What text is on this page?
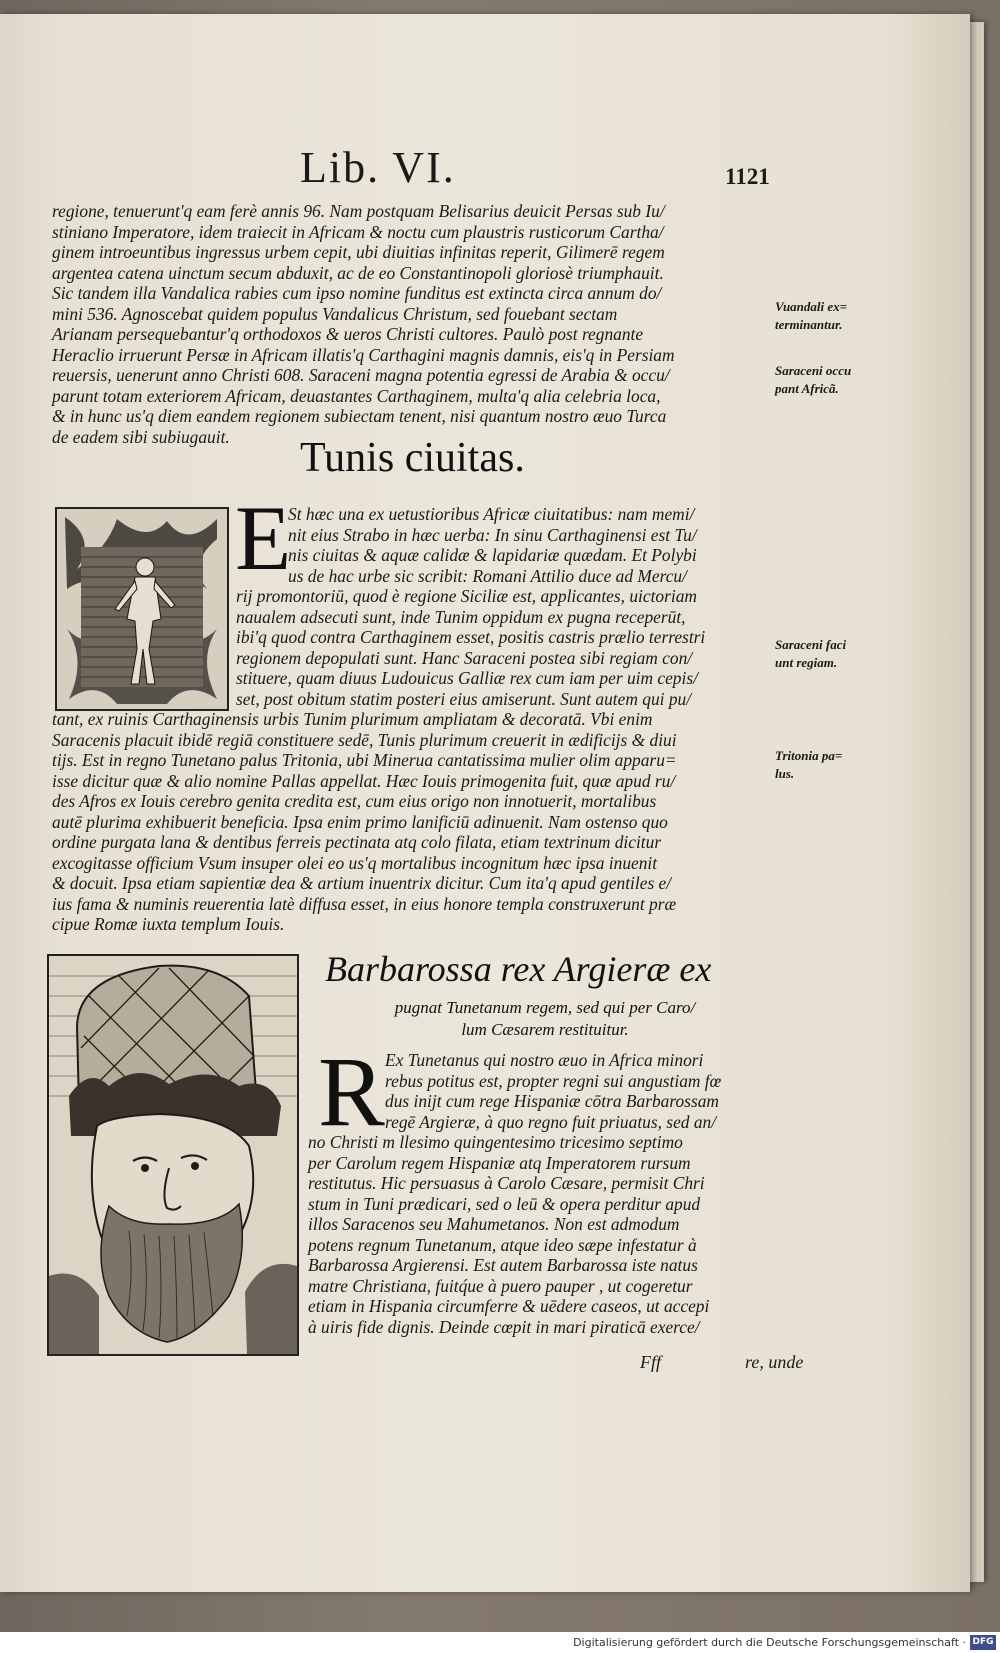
Lib. VI.	1121

regione, tenuerunt'q eam ferè annis 96. Nam postquam Belisarius deuicit Persas sub Iu/

stiniano Imperatore, idem traiecit in Africam & noctu cum plaustris rusticorum Cartha/

ginem introeuntibus ingressus urbem cepit, ubi diuitias infinitas reperit, Gilimerē regem

argentea catena uinctum secum abduxit, ac de eo Constantinopoli gloriosè triumphauit.

Sic tandem illa Vandalica rabies cum ipso nomine funditus est extincta circa annum do/

mini 536. Agnoscebat quidem populus Vandalicus Christum, sed fouebant sectam

Arianam persequebantur'q orthodoxos & ueros Christi cultores. Paulò post regnante

Heraclio irruerunt Persæ in Africam illatis'q Carthagini magnis damnis, eis'q in Persiam

reuersis, uenerunt anno Christi 608. Saraceni magna potentia egressi de Arabia & occu/

parunt totam exteriorem Africam, deuastantes Carthaginem, multa'q alia celebria loca,

& in hunc us'q diem eandem regionem subiectam tenent, nisi quantum nostro æuo Turca

de eadem sibi subiugauit.

Vuandali ex=
terminantur.
Saraceni occu
pant Africã.
Saraceni faci
unt regiam.
Tritonia pa=
lus.
Tunis ciuitas.
E

St hæc una ex uetustioribus Africæ ciuitatibus: nam memi/

nit eius Strabo in hæc uerba: In sinu Carthaginensi est Tu/

nis ciuitas & aquæ calidæ & lapidariæ quædam. Et Polybi

us de hac urbe sic scribit: Romani Attilio duce ad Mercu/

rij promontoriū, quod è regione Siciliæ est, applicantes, uictoriam

naualem adsecuti sunt, inde Tunim oppidum ex pugna receperūt,

ibi'q quod contra Carthaginem esset, positis castris prælio terrestri

regionem depopulati sunt. Hanc Saraceni postea sibi regiam con/

stituere, quam diuus Ludouicus Galliæ rex cum iam per uim cepis/

set, post obitum statim posteri eius amiserunt. Sunt autem qui pu/

tant, ex ruinis Carthaginensis urbis Tunim plurimum ampliatam & decoratā. Vbi enim

Saracenis placuit ibidē regiā constituere sedē, Tunis plurimum creuerit in ædificijs & diui

tijs. Est in regno Tunetano palus Tritonia, ubi Minerua cantatissima mulier olim apparu=

isse dicitur quæ & alio nomine Pallas appellat. Hæc Iouis primogenita fuit, quæ apud ru/

des Afros ex Iouis cerebro genita credita est, cum eius origo non innotuerit, mortalibus

autē plurima exhibuerit beneficia. Ipsa enim primo lanificiū adinuenit. Nam ostenso quo

ordine purgata lana & dentibus ferreis pectinata atq colo filata, etiam textrinum dicitur

excogitasse officium Vsum insuper olei eo us'q mortalibus incognitum hæc ipsa inuenit

& docuit. Ipsa etiam sapientiæ dea & artium inuentrix dicitur. Cum ita'q apud gentiles e/

ius fama & numinis reuerentia latè diffusa esset, in eius honore templa construxerunt præ

cipue Romæ iuxta templum Iouis.

Barbarossa rex Argieræ ex
pugnat Tunetanum regem, sed qui per Caro/
lum Cæsarem restituitur.
R Ex Tunetanus qui nostro æuo in Africa minori

rebus potitus est, propter regni sui angustiam fœ

dus inijt cum rege Hispaniæ cōtra Barbarossam

regē Argieræ, à quo regno fuit priuatus, sed an/

no Christi m llesimo quingentesimo tricesimo septimo

per Carolum regem Hispaniæ atq Imperatorem rursum

restitutus. Hic persuasus à Carolo Cæsare, permisit Chri

stum in Tuni prædicari, sed o leū & opera perditur apud

illos Saracenos seu Mahumetanos. Non est admodum

potens regnum Tunetanum, atque ideo sæpe infestatur à

Barbarossa Argierensi. Est autem Barbarossa iste natus

matre Christiana, fuitq́ue à puero pauper , ut cogeretur

etiam in Hispania circumferre & uēdere caseos, ut accepi

à uiris fide dignis. Deinde cœpit in mari piraticā exerce/

Fff	re, unde
Digitalisierung gefördert durch die Deutsche Forschungsgemeinschaft · DFG
